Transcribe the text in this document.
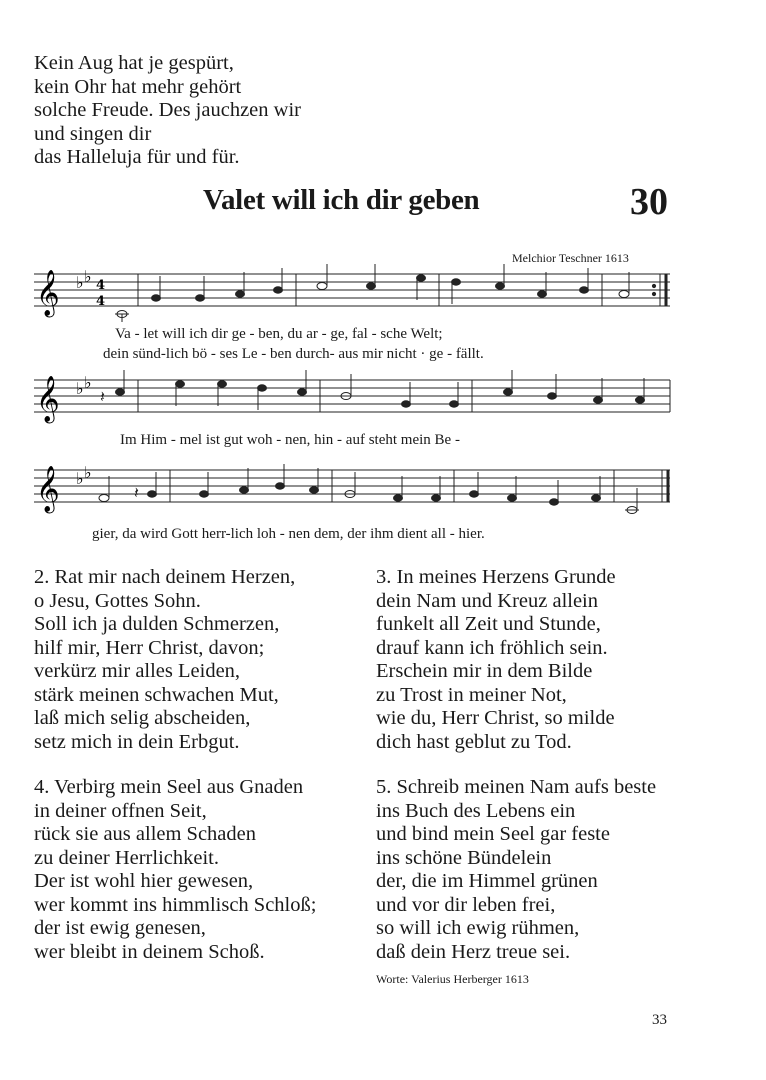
Kein Aug hat je gespürt,
kein Ohr hat mehr gehört
solche Freude. Des jauchzen wir
und singen dir
das Halleluja für und für.
Valet will ich dir geben	30
Melchior Teschner 1613
𝄞 ♭ ♭ 4
4
Va - let will ich dir ge - ben, du ar - ge, fal - sche Welt;
dein sünd-lich bö - ses Le - ben durch- aus mir nicht · ge - fällt.
𝄞 ♭ ♭
𝄽
Im Him - mel ist gut woh - nen, hin - auf steht mein Be -
𝄞 ♭ ♭
𝄽
gier, da wird Gott herr-lich loh - nen dem, der ihm dient all - hier.
2. Rat mir nach deinem Herzen,
o Jesu, Gottes Sohn.
Soll ich ja dulden Schmerzen,
hilf mir, Herr Christ, davon;
verkürz mir alles Leiden,
stärk meinen schwachen Mut,
laß mich selig abscheiden,
setz mich in dein Erbgut.
3. In meines Herzens Grunde
dein Nam und Kreuz allein
funkelt all Zeit und Stunde,
drauf kann ich fröhlich sein.
Erschein mir in dem Bilde
zu Trost in meiner Not,
wie du, Herr Christ, so milde
dich hast geblut zu Tod.
4. Verbirg mein Seel aus Gnaden
in deiner offnen Seit,
rück sie aus allem Schaden
zu deiner Herrlichkeit.
Der ist wohl hier gewesen,
wer kommt ins himmlisch Schloß;
der ist ewig genesen,
wer bleibt in deinem Schoß.
5. Schreib meinen Nam aufs beste
ins Buch des Lebens ein
und bind mein Seel gar feste
ins schöne Bündelein
der, die im Himmel grünen
und vor dir leben frei,
so will ich ewig rühmen,
daß dein Herz treue sei.
Worte: Valerius Herberger 1613
33
